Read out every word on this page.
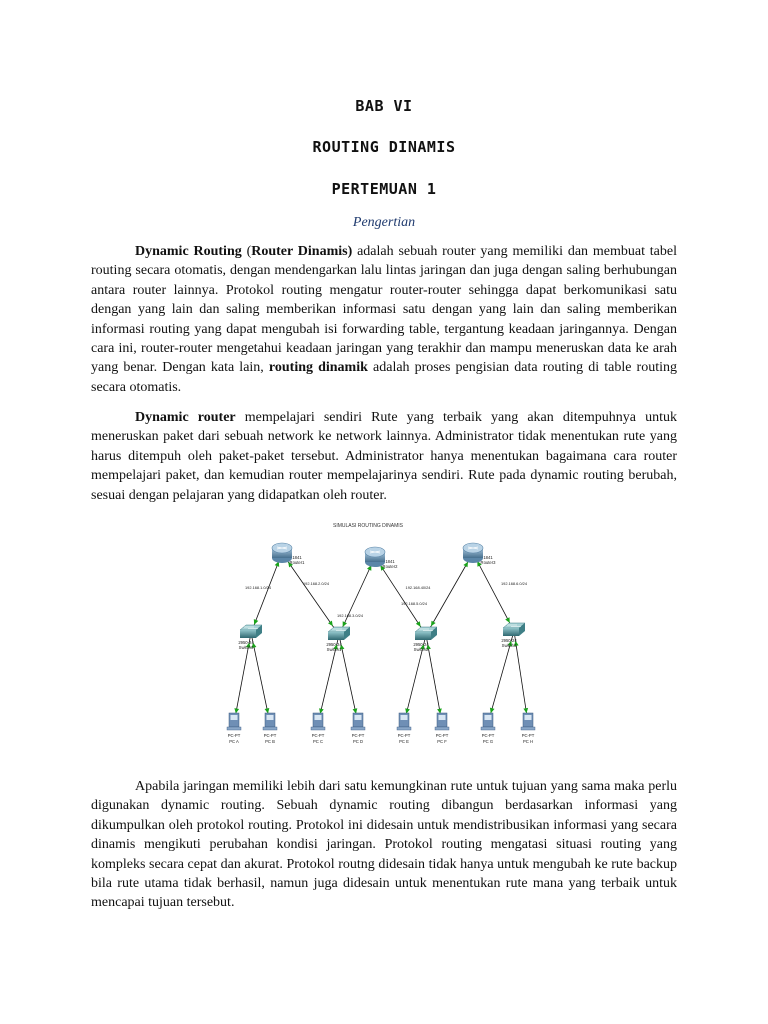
BAB VI
ROUTING DINAMIS
PERTEMUAN 1
Pengertian

Dynamic Routing (Router Dinamis) adalah sebuah router yang memiliki dan membuat tabel routing secara otomatis, dengan mendengarkan lalu lintas jaringan dan juga dengan saling berhubungan antara router lainnya. Protokol routing mengatur router-router sehingga dapat berkomunikasi satu dengan yang lain dan saling memberikan informasi satu dengan yang lain dan saling memberikan informasi routing yang dapat mengubah isi forwarding table, tergantung keadaan jaringannya. Dengan cara ini, router-router mengetahui keadaan jaringan yang terakhir dan mampu meneruskan data ke arah yang benar. Dengan kata lain, routing dinamik adalah proses pengisian data routing di table routing secara otomatis.

Dynamic router mempelajari sendiri Rute yang terbaik yang akan ditempuhnya untuk meneruskan paket dari sebuah network ke network lainnya. Administrator tidak menentukan rute yang harus ditempuh oleh paket-paket tersebut. Administrator hanya menentukan bagaimana cara router mempelajari paket, dan kemudian router mempelajarinya sendiri. Rute pada dynamic routing berubah, sesuai dengan pelajaran yang didapatkan oleh router.

SIMULASI ROUTING DINAMIS
1841
Router1	1841
Router2
1841
Router3
2950-24
Switch0
2950-24
Switch1
2950-24
Switch2
2950-24
Switch3
PC-PT
PC A
PC-PT
PC B
PC-PT
PC C
PC-PT
PC D
PC-PT
PC E
PC-PT
PC F
PC-PT
PC G
PC-PT
PC H
192.168.1.0/24
192.168.2.0/24
192.168.3.0/24
192.168.40/24
192.168.5.0/24
192.168.6.0/24

Apabila jaringan memiliki lebih dari satu kemungkinan rute untuk tujuan yang sama maka perlu digunakan dynamic routing. Sebuah dynamic routing dibangun berdasarkan informasi yang dikumpulkan oleh protokol routing. Protokol ini didesain untuk mendistribusikan informasi yang secara dinamis mengikuti perubahan kondisi jaringan. Protokol routing mengatasi situasi routing yang kompleks secara cepat dan akurat. Protokol routng didesain tidak hanya untuk mengubah ke rute backup bila rute utama tidak berhasil, namun juga didesain untuk menentukan rute mana yang terbaik untuk mencapai tujuan tersebut.
